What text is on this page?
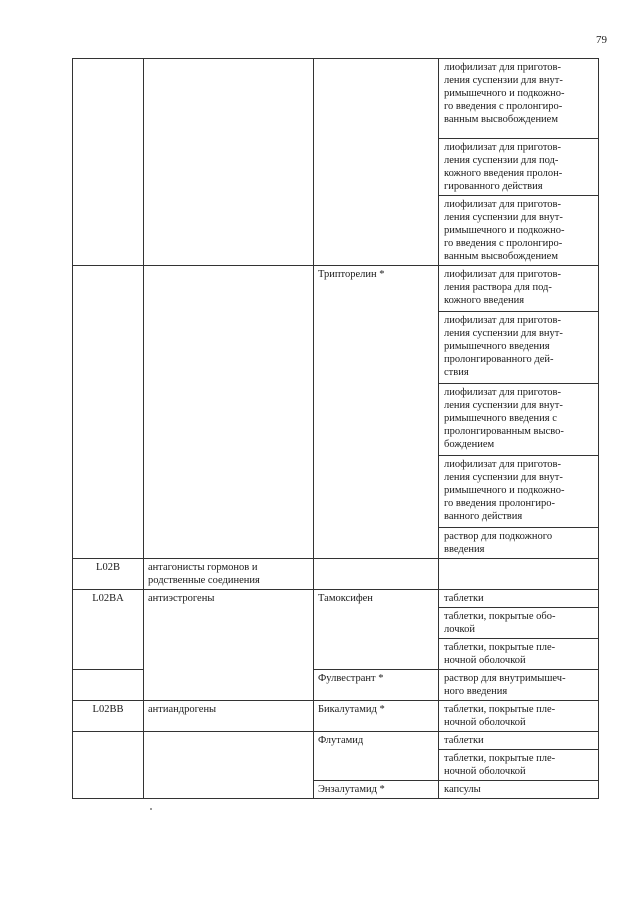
79
			лиофилизат для приготов-
ления суспензии для внут-
римышечного и подкожно-
го введения с пролонгиро-
ванным высвобождением
			лиофилизат для приготов-
ления суспензии для под-
кожного введения пролон-
гированного действия
			лиофилизат для приготов-
ления суспензии для внут-
римышечного и подкожно-
го введения с пролонгиро-
ванным высвобождением
		Трипторелин *	лиофилизат для приготов-
ления раствора для под-
кожного введения
			лиофилизат для приготов-
ления суспензии для внут-
римышечного введения
пролонгированного дей-
ствия
			лиофилизат для приготов-
ления суспензии для внут-
римышечного введения с
пролонгированным высво-
бождением
			лиофилизат для приготов-
ления суспензии для внут-
римышечного и подкожно-
го введения пролонгиро-
ванного действия
			раствор для подкожного
введения
L02B	антагонисты гормонов и
родственные соединения		
L02BA	антиэстрогены	Тамоксифен	таблетки
			таблетки, покрытые обо-
лочкой
			таблетки, покрытые пле-
ночной оболочкой
		Фулвестрант *	раствор для внутримышеч-
ного введения
L02BB	антиандрогены	Бикалутамид *	таблетки, покрытые пле-
ночной оболочкой
		Флутамид	таблетки
			таблетки, покрытые пле-
ночной оболочкой
		Энзалутамид *	капсулы
